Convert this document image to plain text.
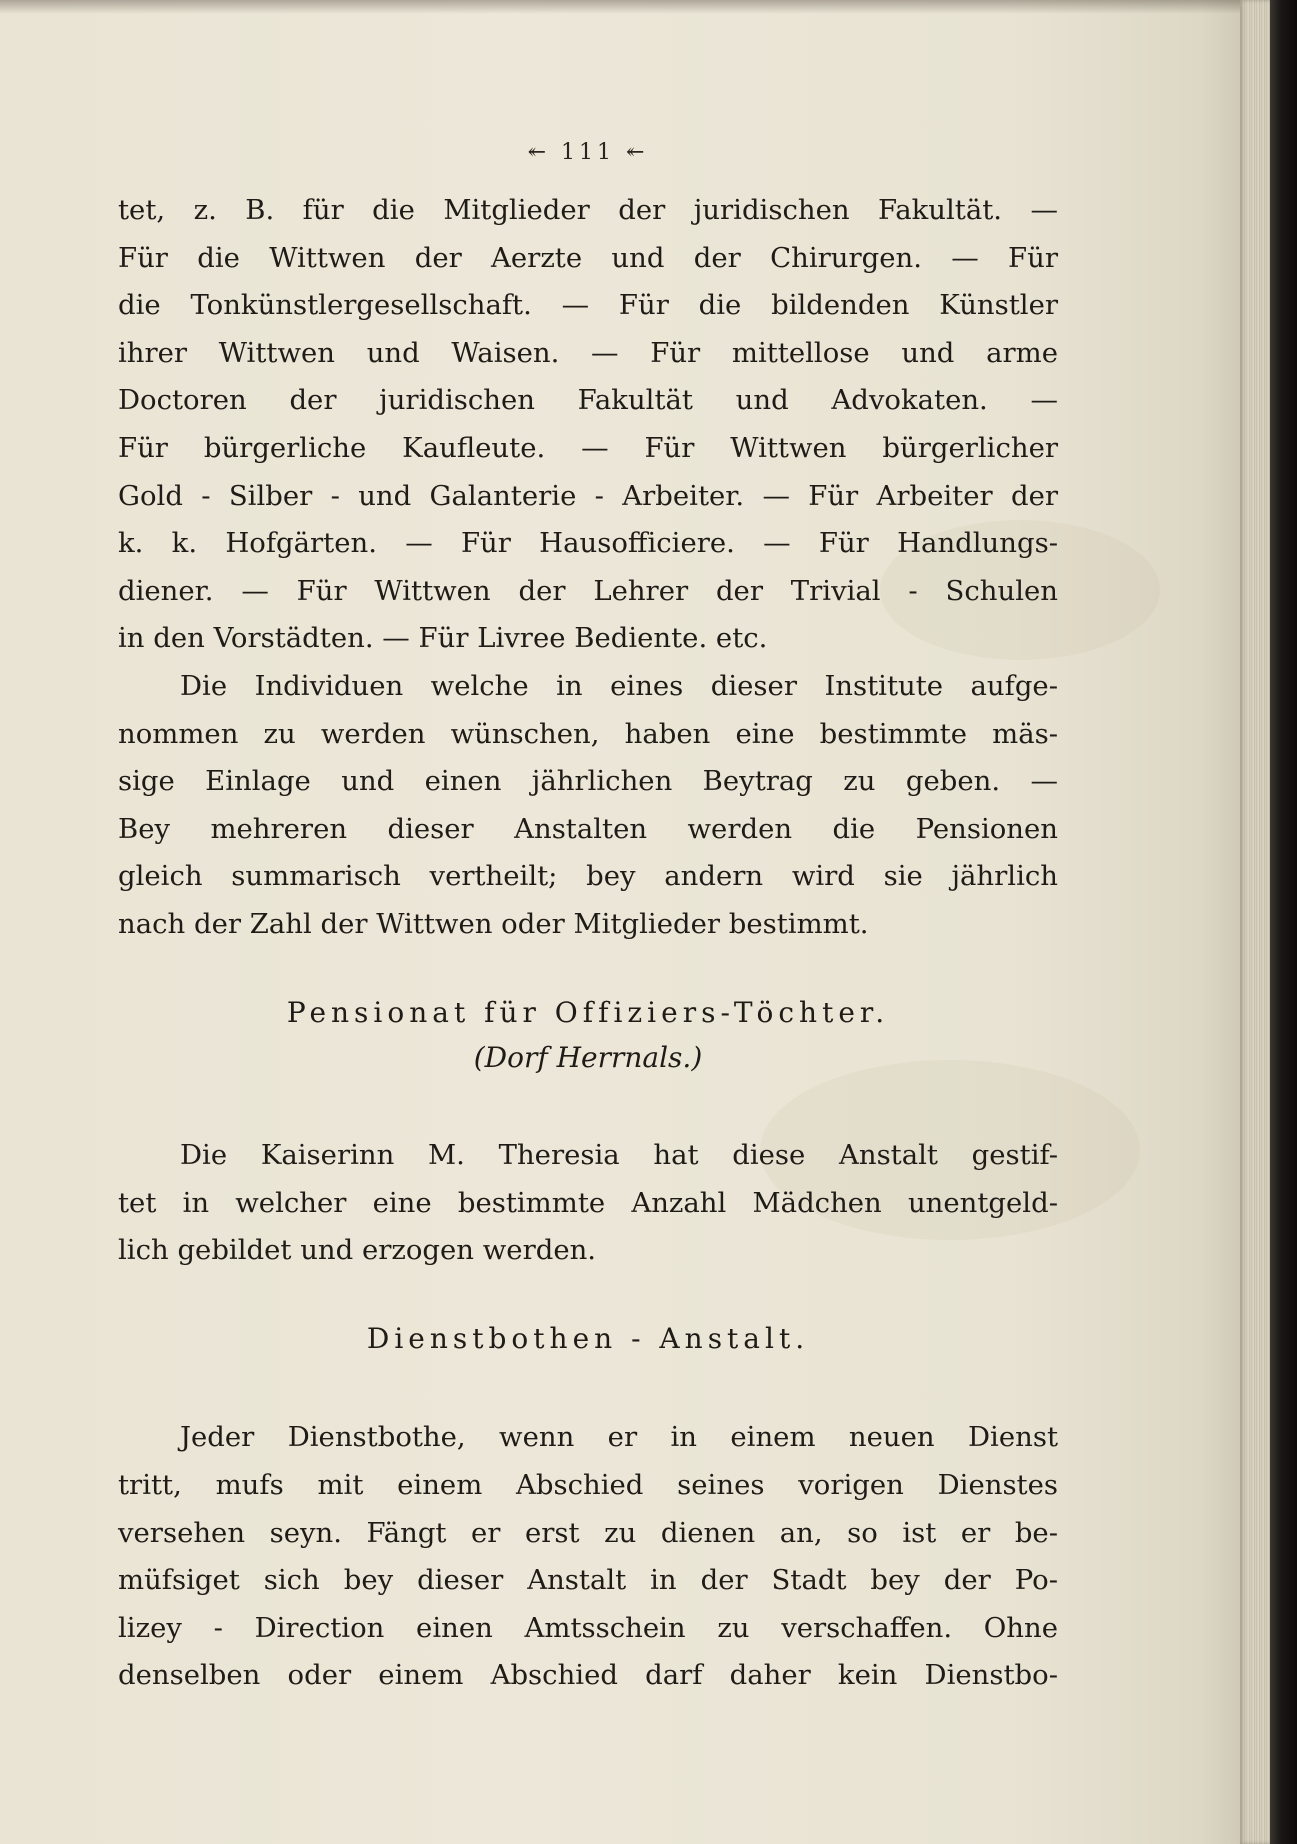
↞ 111 ↞
tet, z. B. für die Mitglieder der juridischen Fakultät. —
Für die Wittwen der Aerzte und der Chirurgen. — Für
die Tonkünstlergesellschaft. — Für die bildenden Künstler
ihrer Wittwen und Waisen. — Für mittellose und arme
Doctoren der juridischen Fakultät und Advokaten. —
Für bürgerliche Kaufleute. — Für Wittwen bürgerlicher
Gold - Silber - und Galanterie - Arbeiter. — Für Arbeiter der
k. k. Hofgärten. — Für Hausofficiere. — Für Handlungs-
diener. — Für Wittwen der Lehrer der Trivial - Schulen
in den Vorstädten. — Für Livree Bediente. etc.
Die Individuen welche in eines dieser Institute aufge-
nommen zu werden wünschen, haben eine bestimmte mäs-
sige Einlage und einen jährlichen Beytrag zu geben. —
Bey mehreren dieser Anstalten werden die Pensionen
gleich summarisch vertheilt; bey andern wird sie jährlich
nach der Zahl der Wittwen oder Mitglieder bestimmt.
Pensionat für Offiziers-Töchter.
(Dorf Herrnals.)
Die Kaiserinn M. Theresia hat diese Anstalt gestif-
tet in welcher eine bestimmte Anzahl Mädchen unentgeld-
lich gebildet und erzogen werden.
Dienstbothen - Anstalt.
Jeder Dienstbothe, wenn er in einem neuen Dienst
tritt, mufs mit einem Abschied seines vorigen Dienstes
versehen seyn. Fängt er erst zu dienen an, so ist er be-
müfsiget sich bey dieser Anstalt in der Stadt bey der Po-
lizey - Direction einen Amtsschein zu verschaffen. Ohne
denselben oder einem Abschied darf daher kein Dienstbo-
